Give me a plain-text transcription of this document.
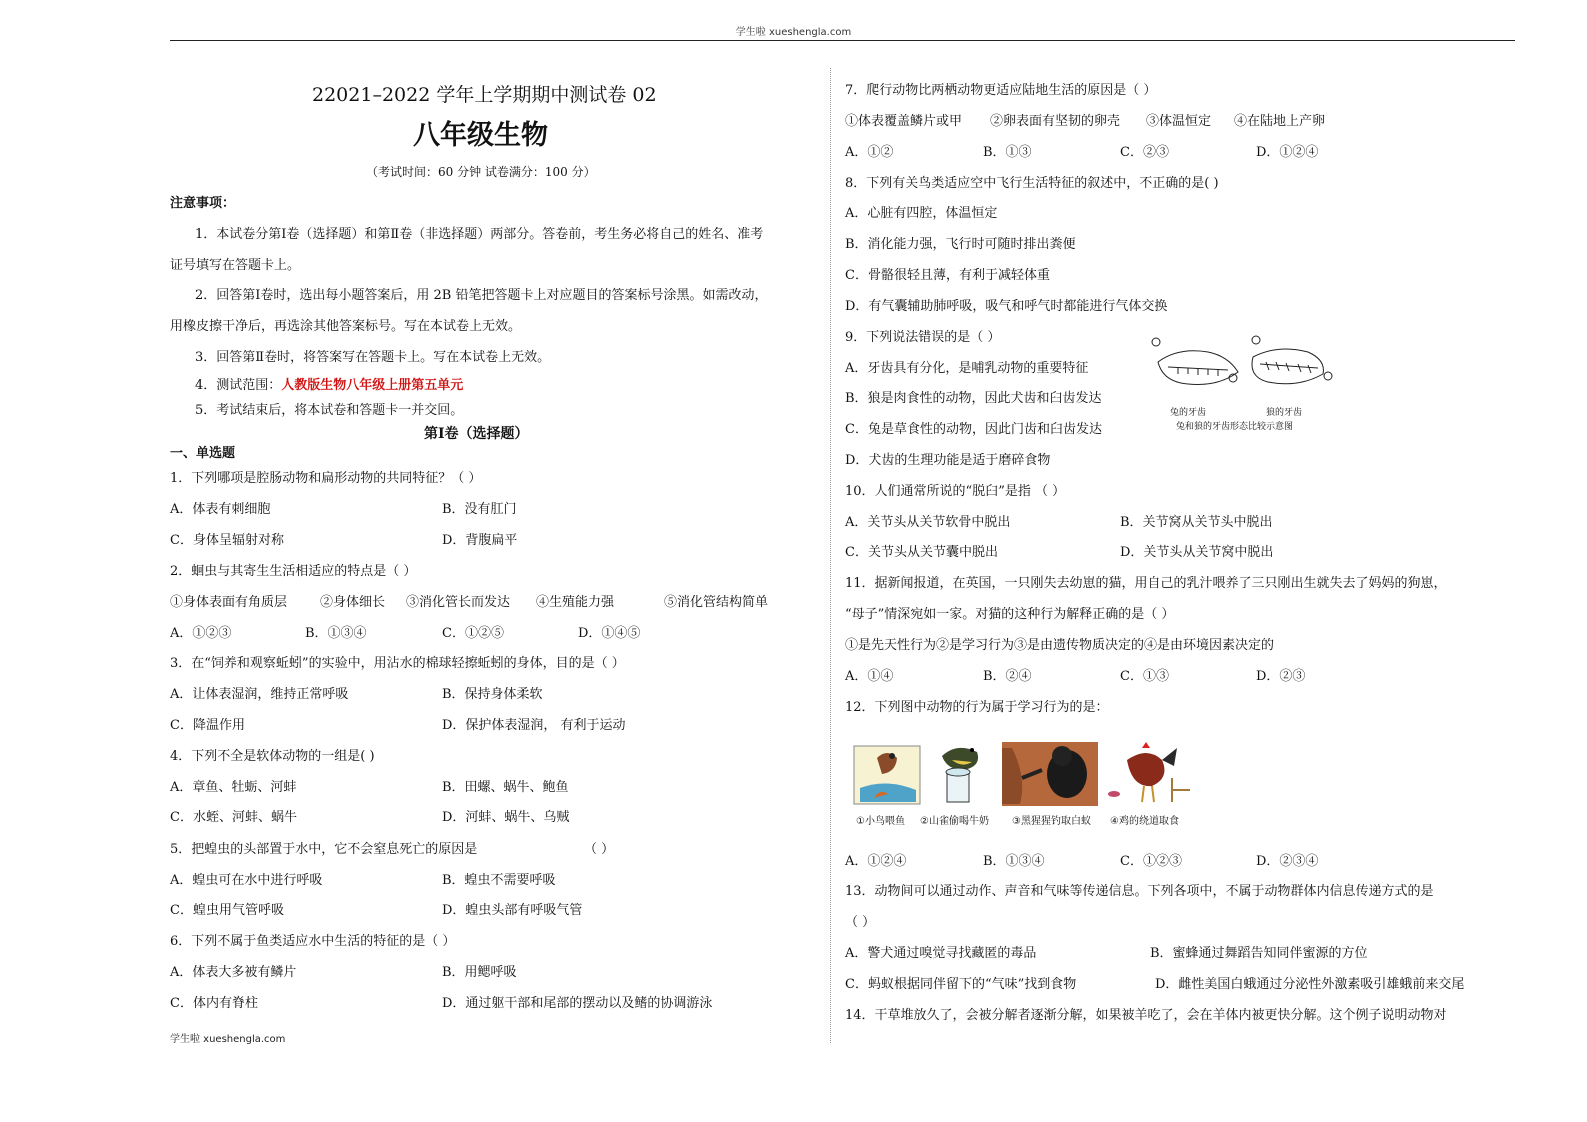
学生啦 xueshengla.com
22021–2022 学年上学期期中测试卷 02
八年级生物
（考试时间：60 分钟 试卷满分：100 分）
注意事项：
1．本试卷分第Ⅰ卷（选择题）和第Ⅱ卷（非选择题）两部分。答卷前，考生务必将自己的姓名、准考
证号填写在答题卡上。
2．回答第Ⅰ卷时，选出每小题答案后，用 2B 铅笔把答题卡上对应题目的答案标号涂黑。如需改动，
用橡皮擦干净后，再选涂其他答案标号。写在本试卷上无效。
3．回答第Ⅱ卷时，将答案写在答题卡上。写在本试卷上无效。
4．测试范围：人教版生物八年级上册第五单元
5．考试结束后，将本试卷和答题卡一并交回。
第Ⅰ卷（选择题）
一、单选题
1．下列哪项是腔肠动物和扁形动物的共同特征？（ ）
A．体表有刺细胞	B．没有肛门
C．身体呈辐射对称	D．背腹扁平
2．蛔虫与其寄生生活相适应的特点是（ ）
①身体表面有角质层	②身体细长 ③消化管长而发达 ④生殖能力强	⑤消化管结构简单
A．①②③	B．①③④	C．①②⑤	D．①④⑤
3．在“饲养和观察蚯蚓”的实验中，用沾水的棉球轻擦蚯蚓的身体，目的是（ ）
A．让体表湿润，维持正常呼吸	B．保持身体柔软
C．降温作用	D．保护体表湿润， 有利于运动
4．下列不全是软体动物的一组是( )
A．章鱼、牡蛎、河蚌	B．田螺、蜗牛、鲍鱼
C．水蛭、河蚌、蜗牛	D．河蚌、蜗牛、乌贼
5．把蝗虫的头部置于水中，它不会窒息死亡的原因是	（ ）
A．蝗虫可在水中进行呼吸	B．蝗虫不需要呼吸
C．蝗虫用气管呼吸	D．蝗虫头部有呼吸气管
6．下列不属于鱼类适应水中生活的特征的是（ ）
A．体表大多被有鳞片	B．用鳃呼吸
C．体内有脊柱	D．通过躯干部和尾部的摆动以及鳍的协调游泳
7．爬行动物比两栖动物更适应陆地生活的原因是（ ）
①体表覆盖鳞片或甲 ②卵表面有坚韧的卵壳 ③体温恒定 ④在陆地上产卵
A．①②	B．①③	C．②③	D．①②④
8．下列有关鸟类适应空中飞行生活特征的叙述中，不正确的是( )
A．心脏有四腔，体温恒定
B．消化能力强，飞行时可随时排出粪便
C．骨骼很轻且薄，有利于减轻体重
D．有气囊辅助肺呼吸，吸气和呼气时都能进行气体交换
9．下列说法错误的是（ ）
A．牙齿具有分化，是哺乳动物的重要特征
B．狼是肉食性的动物，因此犬齿和臼齿发达
C．兔是草食性的动物，因此门齿和臼齿发达
D．犬齿的生理功能是适于磨碎食物
兔的牙齿	狼的牙齿
兔和狼的牙齿形态比较示意图
10．人们通常所说的“脱臼”是指 （ ）
A．关节头从关节软骨中脱出	B．关节窝从关节头中脱出
C．关节头从关节囊中脱出	D．关节头从关节窝中脱出
11．据新闻报道，在英国，一只刚失去幼崽的猫，用自己的乳汁喂养了三只刚出生就失去了妈妈的狗崽，
“母子”情深宛如一家。对猫的这种行为解释正确的是（ ）
①是先天性行为②是学习行为③是由遗传物质决定的④是由环境因素决定的
A．①④	B．②④	C．①③	D．②③
12．下列图中动物的行为属于学习行为的是：
①小鸟喂鱼 ②山雀偷喝牛奶 ③黑猩猩钓取白蚁 ④鸡的绕道取食
A．①②④	B．①③④	C．①②③	D．②③④
13．动物间可以通过动作、声音和气味等传递信息。下列各项中，不属于动物群体内信息传递方式的是
（ ）
A．警犬通过嗅觉寻找藏匿的毒品	B．蜜蜂通过舞蹈告知同伴蜜源的方位
C．蚂蚁根据同伴留下的“气味”找到食物	D．雌性美国白蛾通过分泌性外激素吸引雄蛾前来交尾
14．干草堆放久了，会被分解者逐渐分解，如果被羊吃了，会在羊体内被更快分解。这个例子说明动物对
学生啦 xueshengla.com
